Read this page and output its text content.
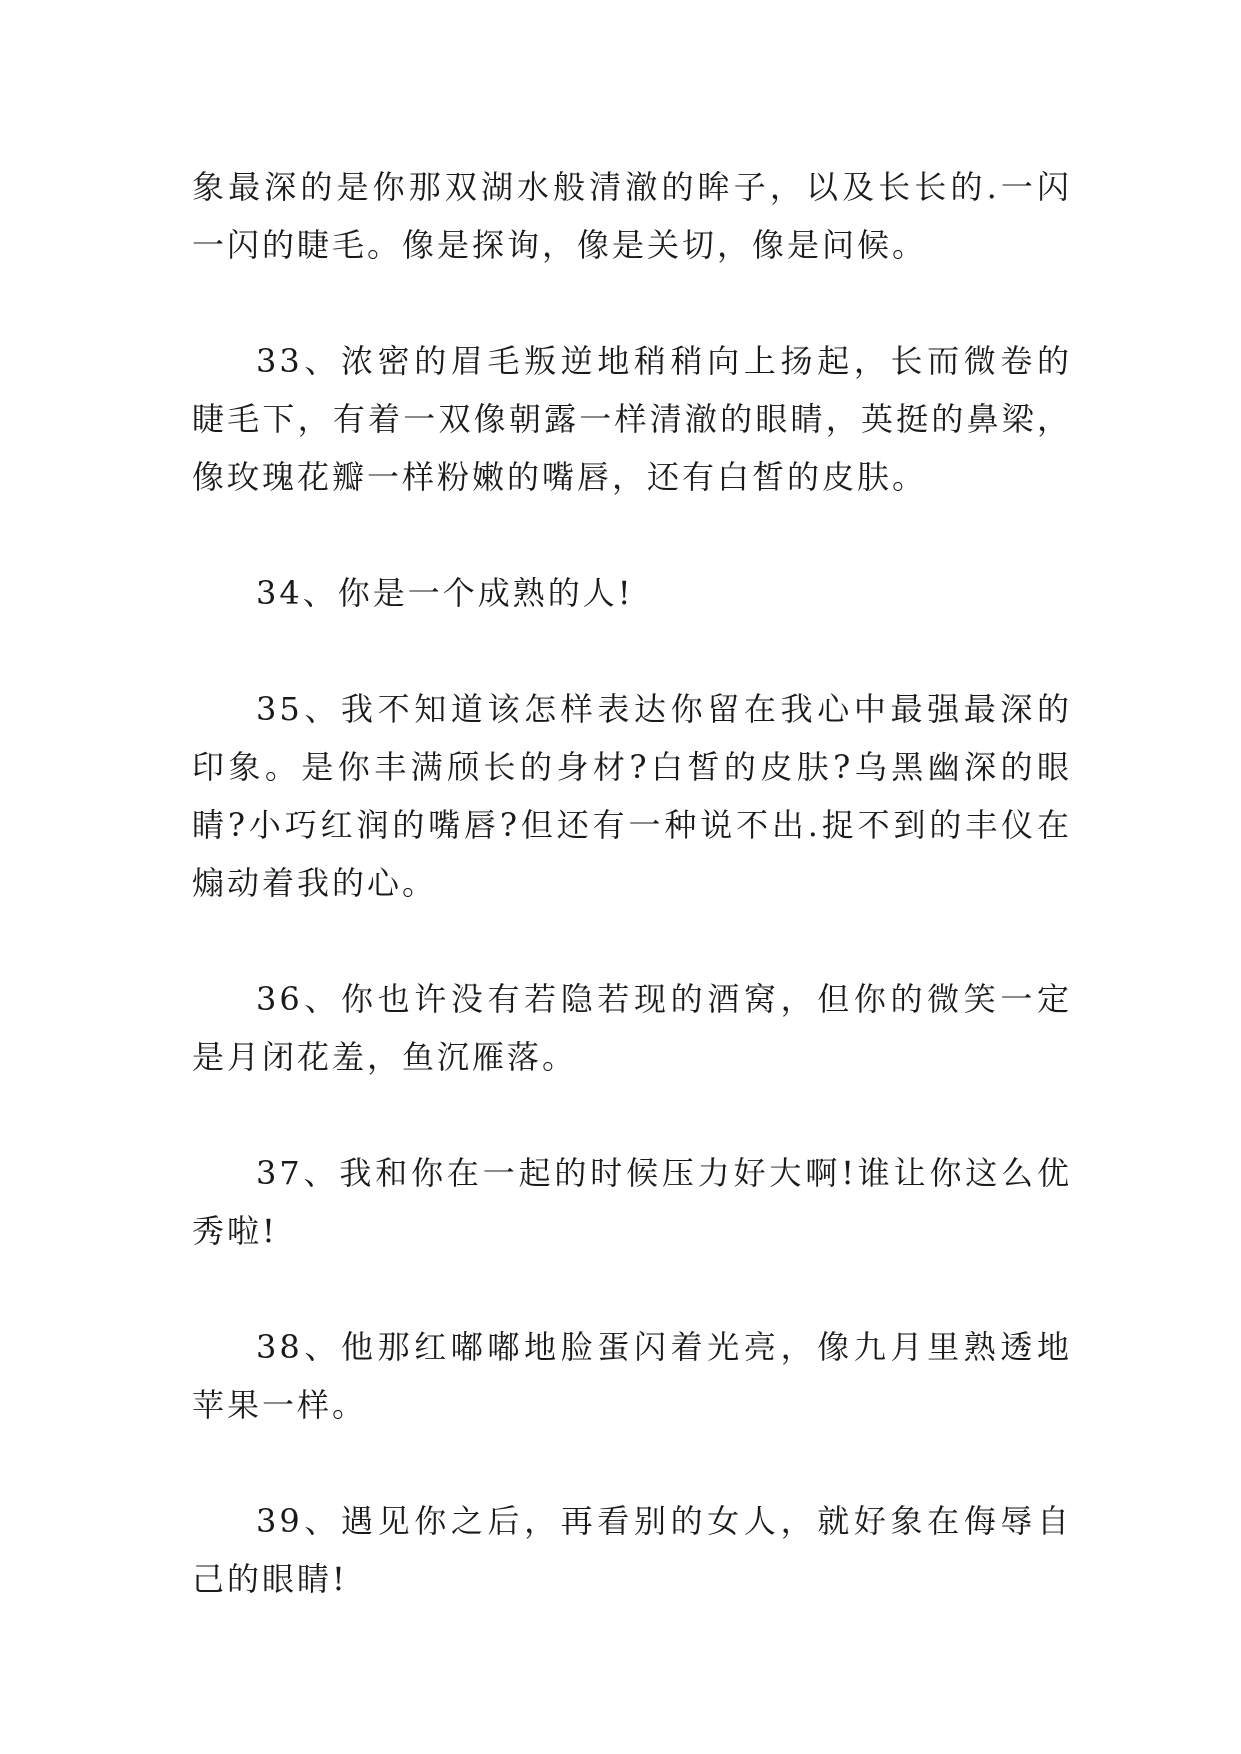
象最深的是你那双湖水般清澈的眸子，以及长长的.一闪一闪的睫毛。像是探询，像是关切，像是问候。

33、浓密的眉毛叛逆地稍稍向上扬起，长而微卷的睫毛下，有着一双像朝露一样清澈的眼睛，英挺的鼻梁，像玫瑰花瓣一样粉嫩的嘴唇，还有白皙的皮肤。

34、你是一个成熟的人!

35、我不知道该怎样表达你留在我心中最强最深的印象。是你丰满颀长的身材?白皙的皮肤?乌黑幽深的眼睛?小巧红润的嘴唇?但还有一种说不出.捉不到的丰仪在煽动着我的心。

36、你也许没有若隐若现的酒窝，但你的微笑一定是月闭花羞，鱼沉雁落。

37、我和你在一起的时候压力好大啊!谁让你这么优秀啦!

38、他那红嘟嘟地脸蛋闪着光亮，像九月里熟透地苹果一样。

39、遇见你之后，再看别的女人，就好象在侮辱自己的眼睛!
